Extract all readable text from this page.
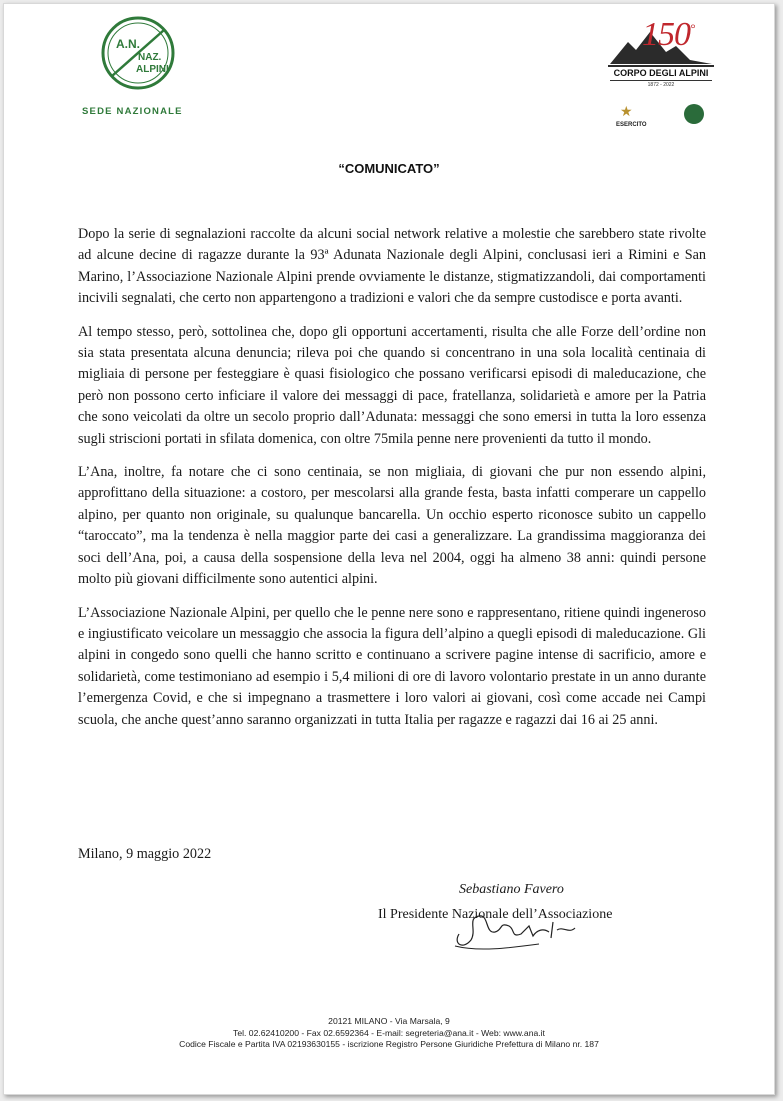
A.N.
NAZ.
ALPINI
SEDE NAZIONALE
150°
CORPO DEGLI ALPINI
1872 - 2022
★
ESERCITO
“COMUNICATO”

Dopo la serie di segnalazioni raccolte da alcuni social network relative a molestie che sarebbero state rivolte ad alcune decine di ragazze durante la 93ª Adunata Nazionale degli Alpini, conclusasi ieri a Rimini e San Marino, l’Associazione Nazionale Alpini prende ovviamente le distanze, stigmatizzandoli, dai comportamenti incivili segnalati, che certo non appartengono a tradizioni e valori che da sempre custodisce e porta avanti.

Al tempo stesso, però, sottolinea che, dopo gli opportuni accertamenti, risulta che alle Forze dell’ordine non sia stata presentata alcuna denuncia; rileva poi che quando si concentrano in una sola località centinaia di migliaia di persone per festeggiare è quasi fisiologico che possano verificarsi episodi di maleducazione, che però non possono certo inficiare il valore dei messaggi di pace, fratellanza, solidarietà e amore per la Patria che sono veicolati da oltre un secolo proprio dall’Adunata: messaggi che sono emersi in tutta la loro essenza sugli striscioni portati in sfilata domenica, con oltre 75mila penne nere provenienti da tutto il mondo.

L’Ana, inoltre, fa notare che ci sono centinaia, se non migliaia, di giovani che pur non essendo alpini, approfittano della situazione: a costoro, per mescolarsi alla grande festa, basta infatti comperare un cappello alpino, per quanto non originale, su qualunque bancarella. Un occhio esperto riconosce subito un cappello “taroccato”, ma la tendenza è nella maggior parte dei casi a generalizzare. La grandissima maggioranza dei soci dell’Ana, poi, a causa della sospensione della leva nel 2004, oggi ha almeno 38 anni: quindi persone molto più giovani difficilmente sono autentici alpini.

L’Associazione Nazionale Alpini, per quello che le penne nere sono e rappresentano, ritiene quindi ingeneroso e ingiustificato veicolare un messaggio che associa la figura dell’alpino a quegli episodi di maleducazione. Gli alpini in congedo sono quelli che hanno scritto e continuano a scrivere pagine intense di sacrificio, amore e solidarietà, come testimoniano ad esempio i 5,4 milioni di ore di lavoro volontario prestate in un anno durante l’emergenza Covid, e che si impegnano a trasmettere i loro valori ai giovani, così come accade nei Campi scuola, che anche quest’anno saranno organizzati in tutta Italia per ragazze e ragazzi dai 16 ai 25 anni.

Milano, 9 maggio 2022
Sebastiano Favero
Il Presidente Nazionale dell’Associazione
20121 MILANO - Via Marsala, 9
Tel. 02.62410200 - Fax 02.6592364 - E-mail: segreteria@ana.it - Web: www.ana.it
Codice Fiscale e Partita IVA 02193630155 - iscrizione Registro Persone Giuridiche Prefettura di Milano nr. 187
